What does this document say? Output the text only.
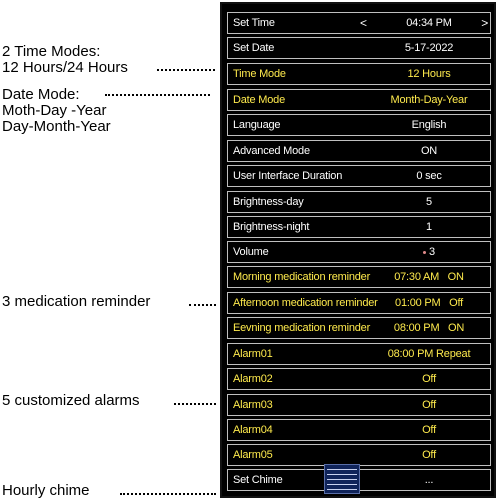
2 Time Modes:
12 Hours/24 Hours
Date Mode:
Moth-Day -Year
Day-Month-Year
3 medication reminder
5 customized alarms
Hourly chime
Set Time	<	04:34 PM >
Set Date	5-17-2022
Time Mode	12 Hours
Date Mode	Month-Day-Year
Language	English
Advanced Mode	ON
User Interface Duration	0 sec
Brightness-day	5
Brightness-night	1
Volume	3
Morning medication reminder	07:30 AM   ON
Afternoon medication reminder	01:00 PM   Off
Eevning medication reminder	08:00 PM   ON
Alarm01	08:00 PM Repeat
Alarm02	Off
Alarm03	Off
Alarm04	Off
Alarm05	Off
Set Chime	...
